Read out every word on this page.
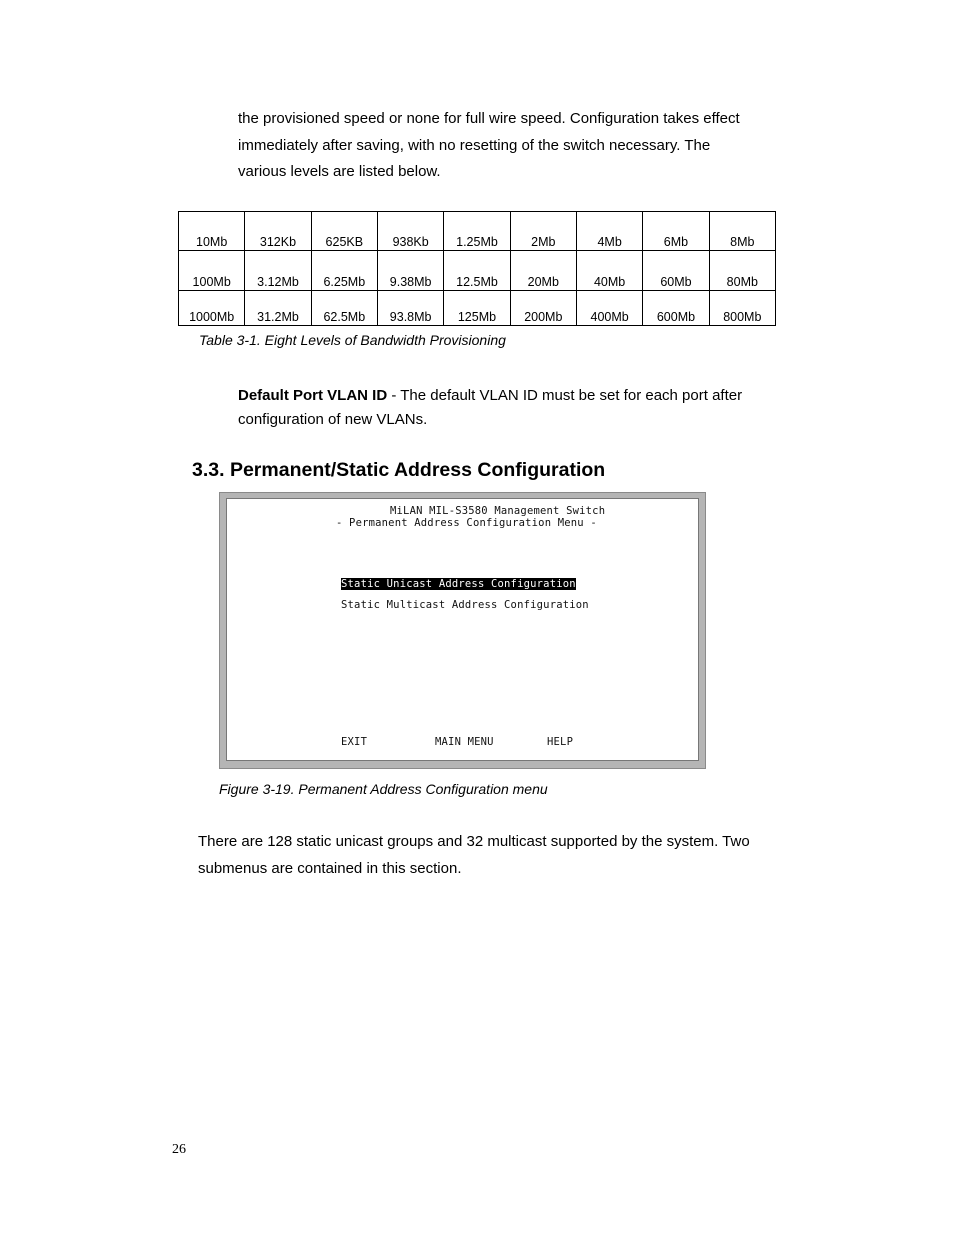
the provisioned speed or none for full wire speed. Configuration takes effect
immediately after saving, with no resetting of the switch necessary. The
various levels are listed below.
10Mb	312Kb	625KB	938Kb	1.25Mb	2Mb	4Mb	6Mb	8Mb
100Mb	3.12Mb	6.25Mb	9.38Mb	12.5Mb	20Mb	40Mb	60Mb	80Mb
1000Mb	31.2Mb	62.5Mb	93.8Mb	125Mb	200Mb	400Mb	600Mb	800Mb
Table 3-1. Eight Levels of Bandwidth Provisioning
Default Port VLAN ID - The default VLAN ID must be set for each port after
configuration of new VLANs.
3.3. Permanent/Static Address Configuration
MiLAN MIL-S3580 Management Switch
- Permanent Address Configuration Menu -
Static Unicast Address Configuration
Static Multicast Address Configuration
EXIT	MAIN MENU	HELP
Figure 3-19. Permanent Address Configuration menu
There are 128 static unicast groups and 32 multicast supported by the system. Two
submenus are contained in this section.
26
